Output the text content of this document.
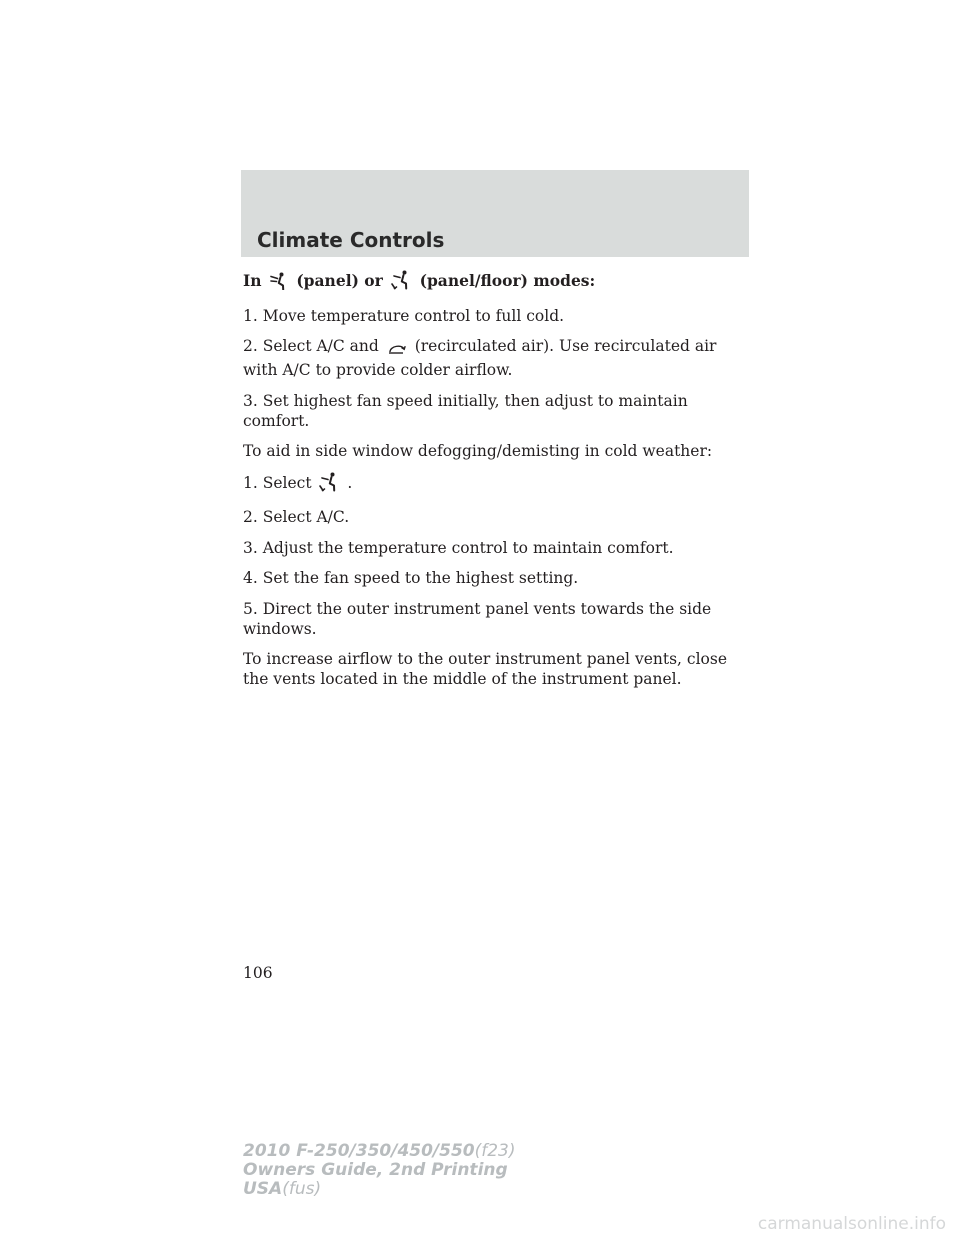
Climate Controls

In (panel) or (panel/floor) modes:

1. Move temperature control to full cold.

2. Select A/C and (recirculated air). Use recirculated air with A/C to provide colder airflow.

3. Set highest fan speed initially, then adjust to maintain comfort.

To aid in side window defogging/demisting in cold weather:

1. Select .

2. Select A/C.

3. Adjust the temperature control to maintain comfort.

4. Set the fan speed to the highest setting.

5. Direct the outer instrument panel vents towards the side windows.

To increase airflow to the outer instrument panel vents, close the vents located in the middle of the instrument panel.

106
2010 F-250/350/450/550(f23)
Owners Guide, 2nd Printing
USA(fus)
carmanualsonline.info
